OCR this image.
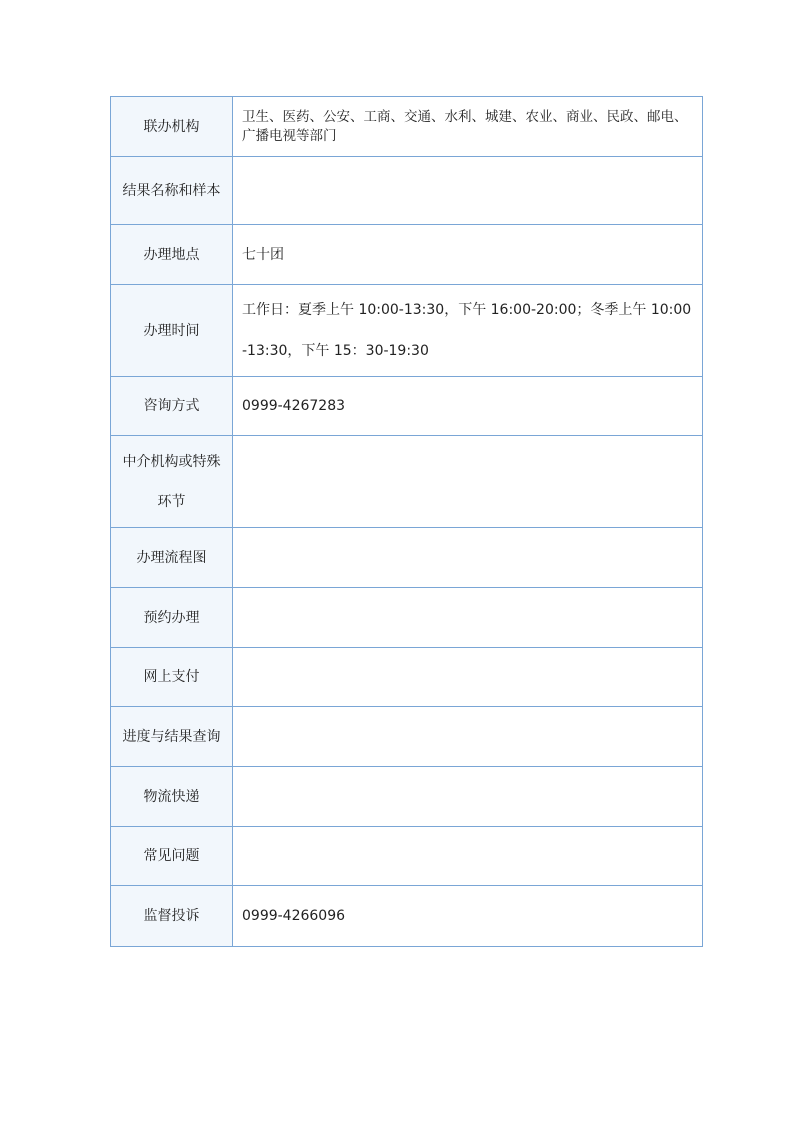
联办机构	卫生、医药、公安、工商、交通、水利、城建、农业、商业、民政、邮电、广播电视等部门
结果名称和样本	
办理地点	七十团
办理时间	工作日：夏季上午 10:00-13:30，下午 16:00-20:00；冬季上午 10:00-13:30，下午 15：30-19:30
咨询方式	0999-4267283
中介机构或特殊环节	
办理流程图	
预约办理	
网上支付	
进度与结果查询	
物流快递	
常见问题	
监督投诉	0999-4266096
